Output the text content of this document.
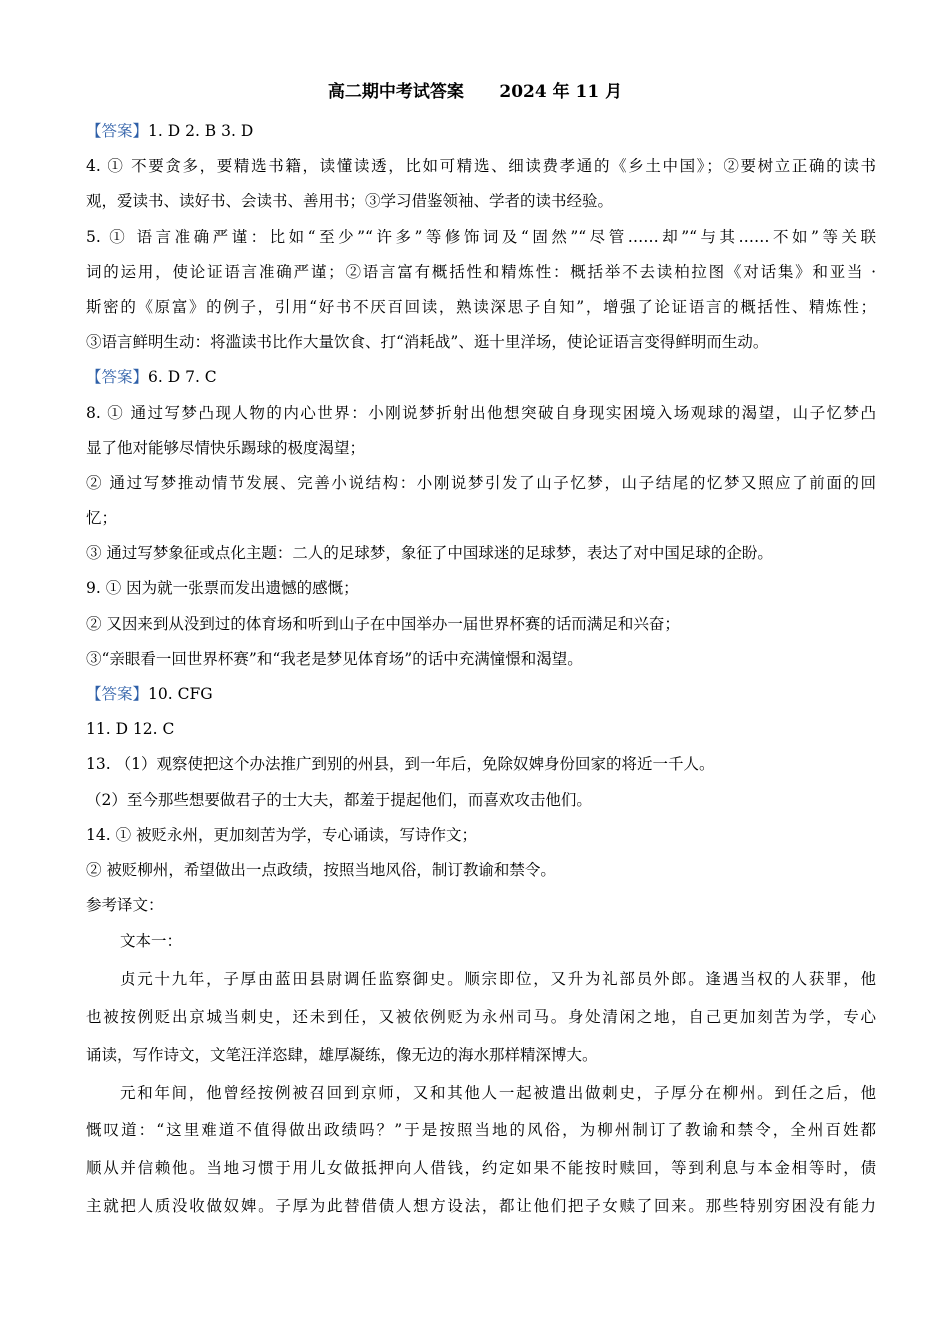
高二期中考试答案      2024 年 11 月
【答案】1. D 2. B 3. D
4. ① 不要贪多，要精选书籍，读懂读透，比如可精选、细读费孝通的《乡土中国》；②要树立正确的读书
观，爱读书、读好书、会读书、善用书；③学习借鉴领袖、学者的读书经验。
5. ① 语言准确严谨：比如“至少”“许多”等修饰词及“固然”“尽管……却”“与其……不如”等关联
词的运用，使论证语言准确严谨；②语言富有概括性和精炼性：概括举不去读柏拉图《对话集》和亚当 ·
斯密的《原富》的例子，引用“好书不厌百回读，熟读深思子自知”，增强了论证语言的概括性、精炼性；
③语言鲜明生动：将滥读书比作大量饮食、打“消耗战”、逛十里洋场，使论证语言变得鲜明而生动。
【答案】6. D 7. C
8. ① 通过写梦凸现人物的内心世界：小刚说梦折射出他想突破自身现实困境入场观球的渴望，山子忆梦凸
显了他对能够尽情快乐踢球的极度渴望；
② 通过写梦推动情节发展、完善小说结构：小刚说梦引发了山子忆梦，山子结尾的忆梦又照应了前面的回
忆；
③ 通过写梦象征或点化主题：二人的足球梦，象征了中国球迷的足球梦，表达了对中国足球的企盼。
9. ① 因为就一张票而发出遗憾的感慨；
② 又因来到从没到过的体育场和听到山子在中国举办一届世界杯赛的话而满足和兴奋；
③“亲眼看一回世界杯赛”和“我老是梦见体育场”的话中充满憧憬和渴望。
【答案】10. CFG
11. D 12. C
13. （1）观察使把这个办法推广到别的州县，到一年后，免除奴婢身份回家的将近一千人。
（2）至今那些想要做君子的士大夫，都羞于提起他们，而喜欢攻击他们。
14. ① 被贬永州，更加刻苦为学，专心诵读，写诗作文；
② 被贬柳州，希望做出一点政绩，按照当地风俗，制订教谕和禁令。
参考译文：
文本一：
贞元十九年，子厚由蓝田县尉调任监察御史。顺宗即位，又升为礼部员外郎。逢遇当权的人获罪，他
也被按例贬出京城当刺史，还未到任，又被依例贬为永州司马。身处清闲之地，自己更加刻苦为学，专心
诵读，写作诗文，文笔汪洋恣肆，雄厚凝练，像无边的海水那样精深博大。
元和年间，他曾经按例被召回到京师，又和其他人一起被遣出做刺史，子厚分在柳州。到任之后，他
慨叹道：“这里难道不值得做出政绩吗？”于是按照当地的风俗，为柳州制订了教谕和禁令，全州百姓都
顺从并信赖他。当地习惯于用儿女做抵押向人借钱，约定如果不能按时赎回，等到利息与本金相等时，债
主就把人质没收做奴婢。子厚为此替借债人想方设法，都让他们把子女赎了回来。那些特别穷困没有能力
